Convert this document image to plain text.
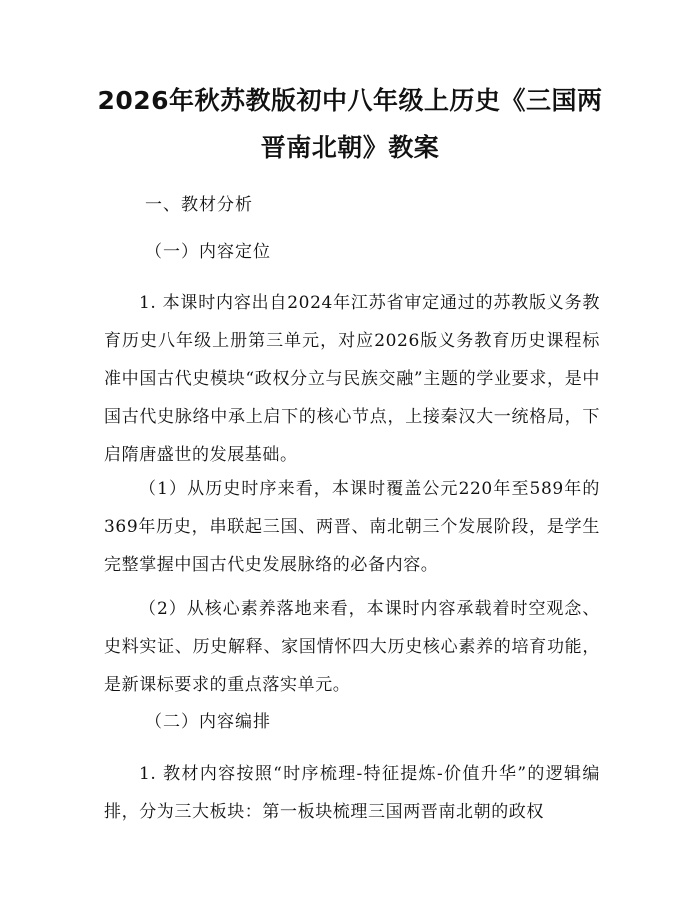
2026年秋苏教版初中八年级上历史《三国两
晋南北朝》教案

一、教材分析

（一）内容定位

1. 本课时内容出自2024年江苏省审定通过的苏教版义务教育历史八年级上册第三单元，对应2026版义务教育历史课程标准中国古代史模块“政权分立与民族交融”主题的学业要求，是中国古代史脉络中承上启下的核心节点，上接秦汉大一统格局，下启隋唐盛世的发展基础。

（1）从历史时序来看，本课时覆盖公元220年至589年的369年历史，串联起三国、两晋、南北朝三个发展阶段，是学生完整掌握中国古代史发展脉络的必备内容。

（2）从核心素养落地来看，本课时内容承载着时空观念、史料实证、历史解释、家国情怀四大历史核心素养的培育功能，是新课标要求的重点落实单元。

（二）内容编排

1. 教材内容按照“时序梳理-特征提炼-价值升华”的逻辑编排，分为三大板块：第一板块梳理三国两晋南北朝的政权
